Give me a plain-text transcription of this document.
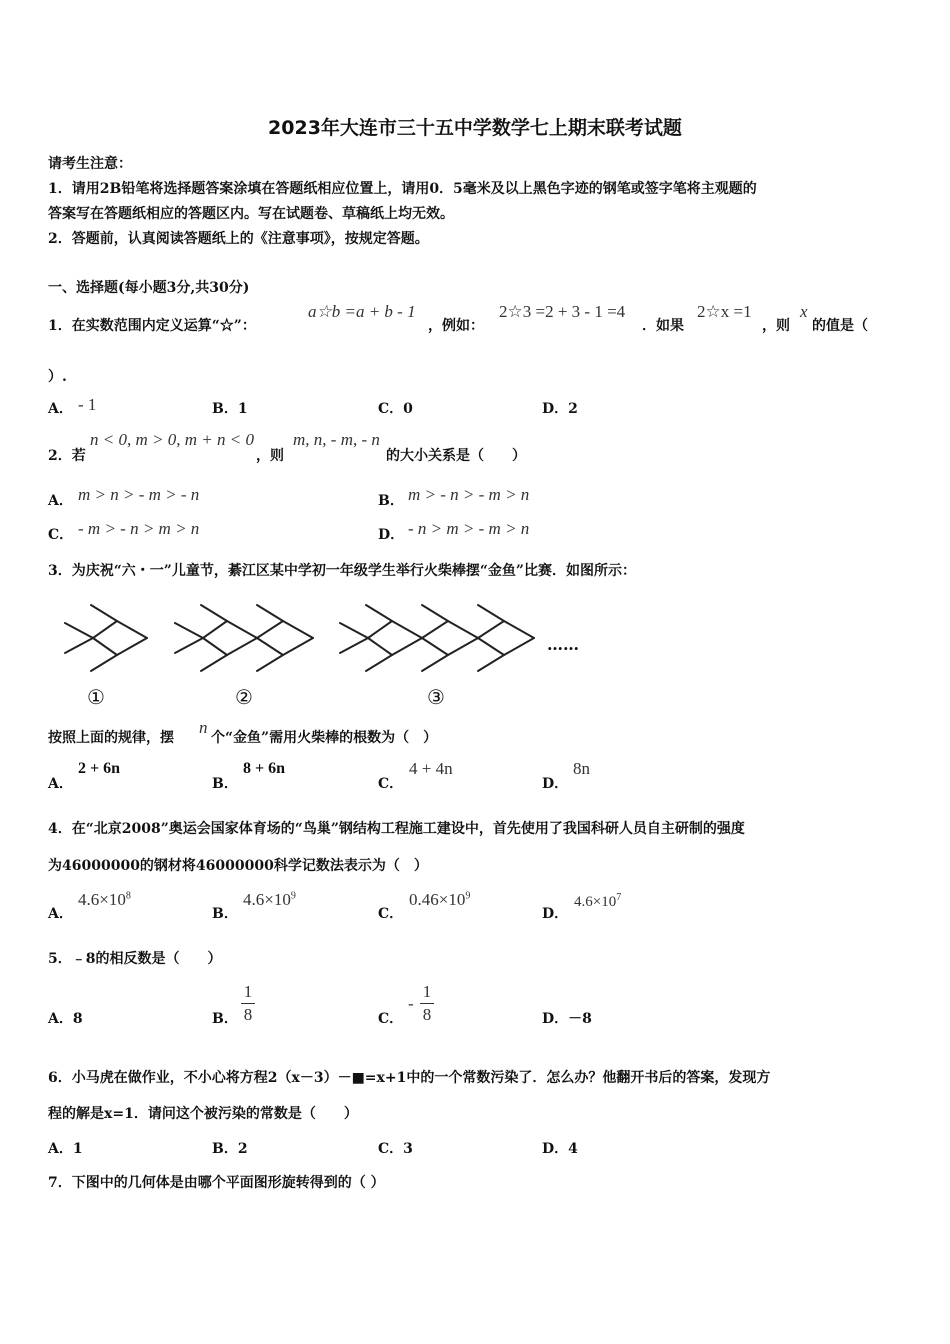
2023年大连市三十五中学数学七上期末联考试题
请考生注意：
1．请用2B铅笔将选择题答案涂填在答题纸相应位置上，请用0．5毫米及以上黑色字迹的钢笔或签字笔将主观题的
答案写在答题纸相应的答题区内。写在试题卷、草稿纸上均无效。
2．答题前，认真阅读答题纸上的《注意事项》，按规定答题。
一、选择题(每小题3分,共30分)
1．在实数范围内定义运算“☆”：
a☆b =a + b - 1
，例如：
2☆3 =2 + 3 - 1 =4
．如果
2☆x =1
，则
x
的值是（
）.
A． - 1	B．1	C．0	D．2
2．若
n < 0, m > 0, m + n < 0
，则
m, n, - m, - n
的大小关系是（　　）
A． m > n > - m > - n	B． m > - n > - m > n
C． - m > - n > m > n	D． - n > m > - m > n
3．为庆祝“六・一”儿童节，綦江区某中学初一年级学生举行火柴棒摆“金鱼”比赛．如图所示：
……
①	②	③
按照上面的规律，摆
n
个“金鱼”需用火柴棒的根数为（　）
A．
2 + 6n
B．
8 + 6n
C．
4 + 4n
D．
8n
4．在“北京2008”奥运会国家体育场的“鸟巢”钢结构工程施工建设中，首先使用了我国科研人员自主研制的强度
为46000000的钢材将46000000科学记数法表示为（　）
A．
$4.6\times 10^8$
B．
$4.6\times 10^9$
C．
$0.46\times 10^9$
D．
$4.6\times 10^7$
5．﹣8的相反数是（　　）
A．8	B．
1
8	C．
-
1
8	D．－8
6．小马虎在做作业，不小心将方程2（x－3）－■=x+1中的一个常数污染了．怎么办？他翻开书后的答案，发现方
程的解是x=1．请问这个被污染的常数是（　　）
A．1	B．2	C．3	D．4
7．下图中的几何体是由哪个平面图形旋转得到的（ ）
